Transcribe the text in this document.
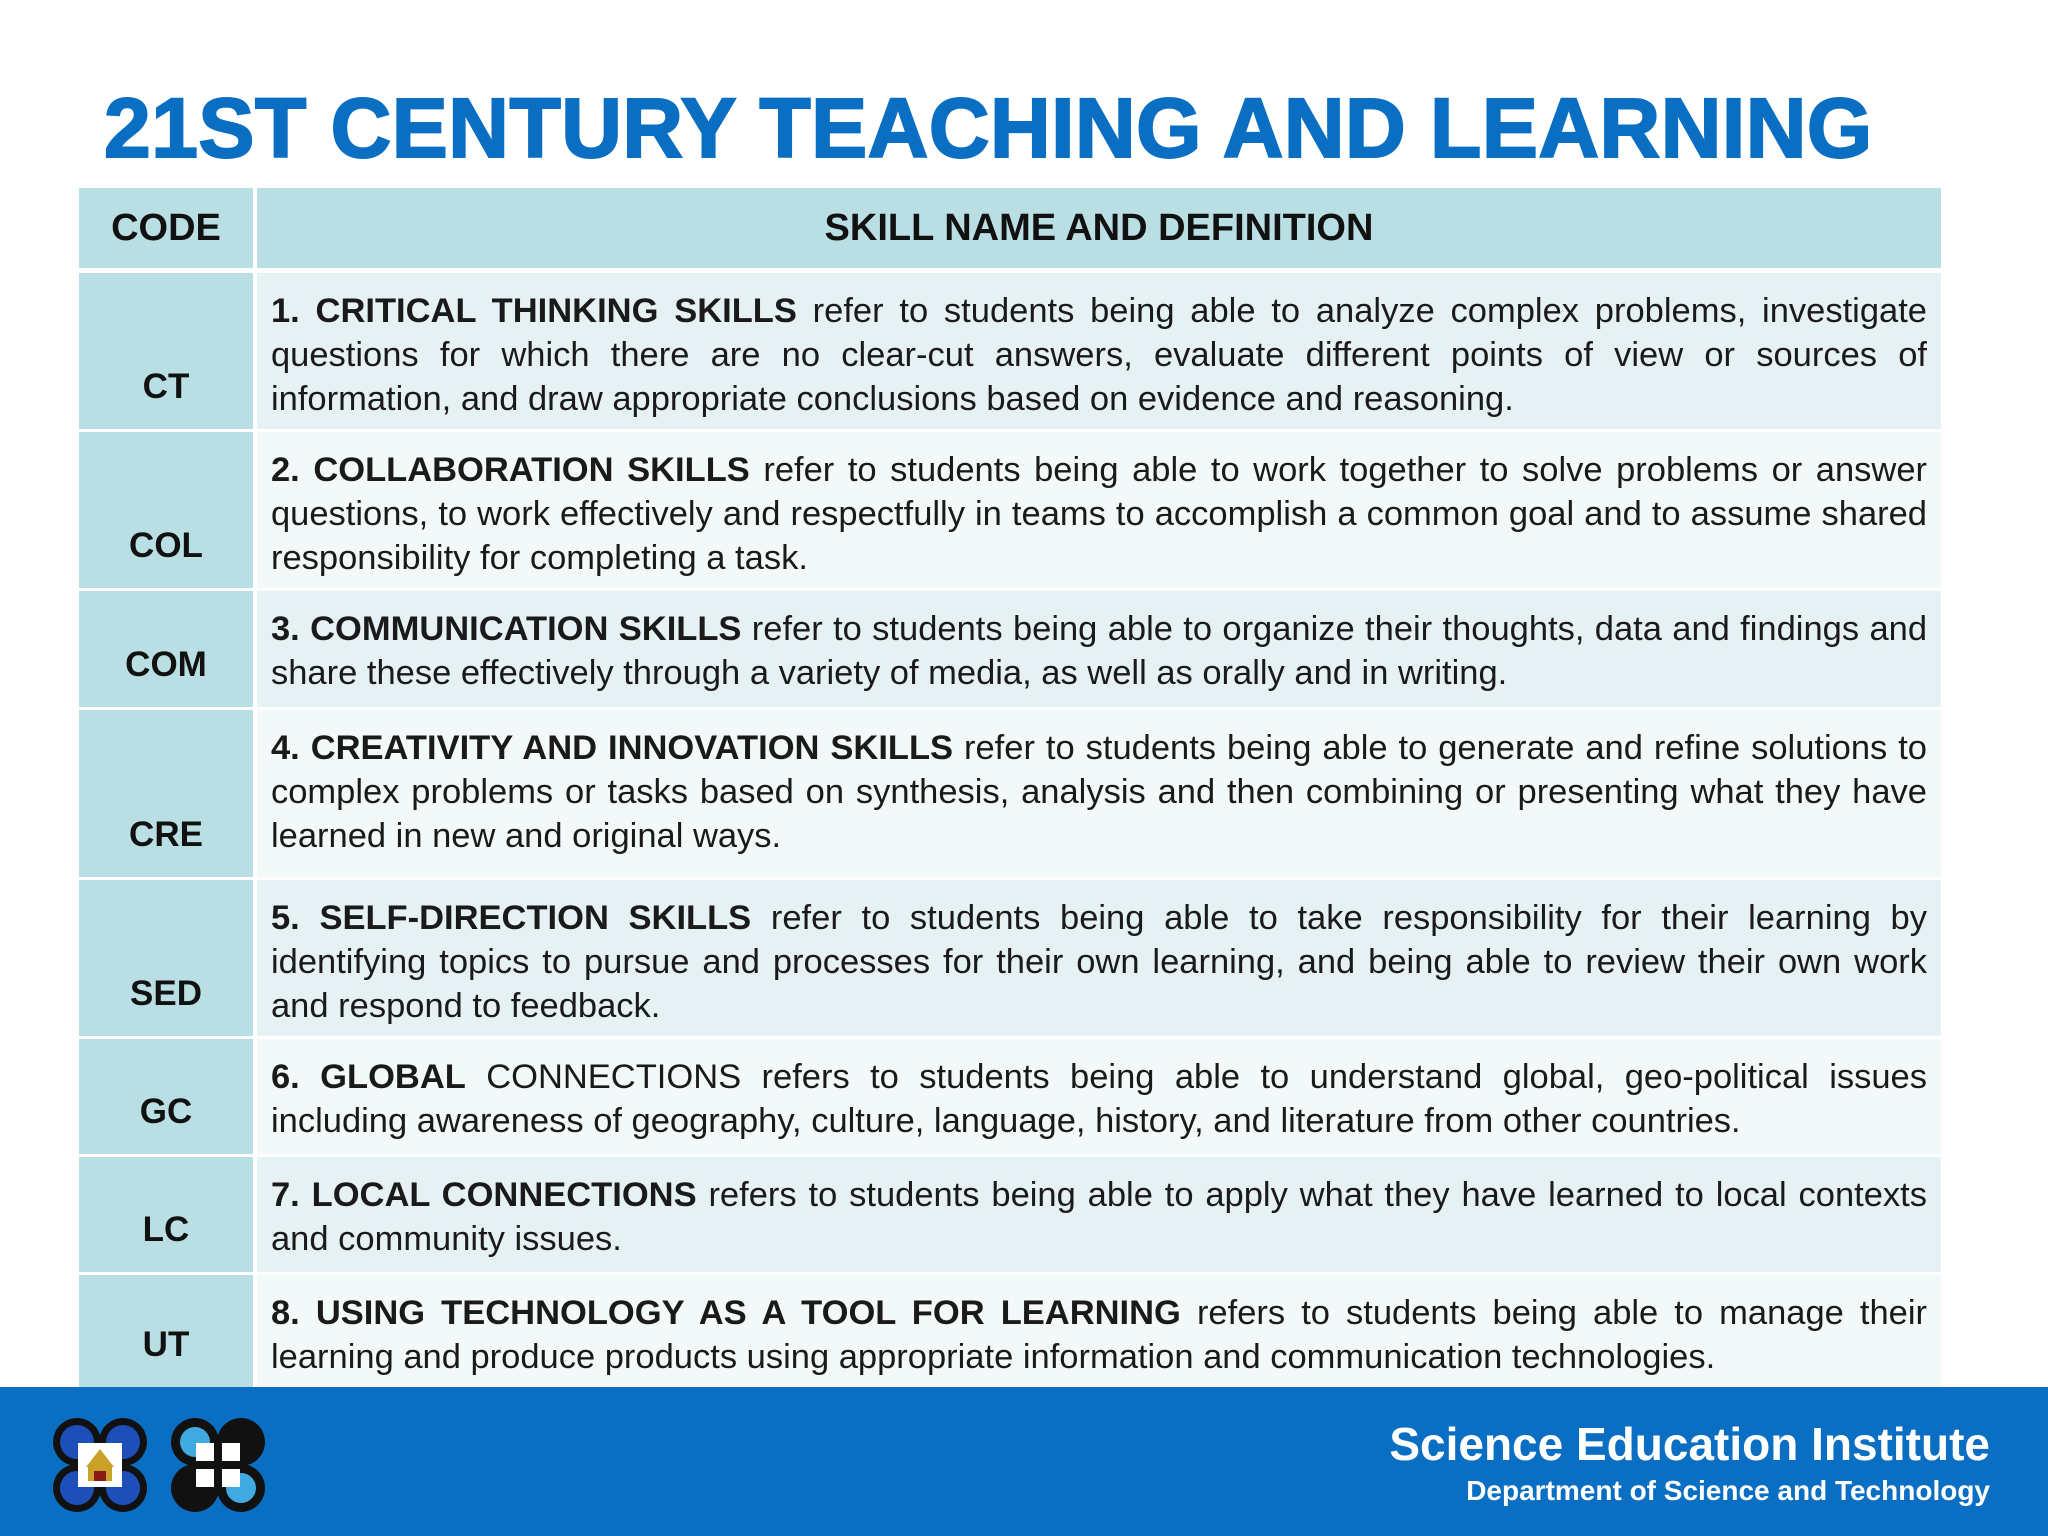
21ST CENTURY TEACHING AND LEARNING
CODE	SKILL NAME AND DEFINITION
CT	1. CRITICAL THINKING SKILLS refer to students being able to analyze complex problems, investigate questions for which there are no clear-cut answers, evaluate different points of view or sources of information, and draw appropriate conclusions based on evidence and reasoning.
COL	2. COLLABORATION SKILLS refer to students being able to work together to solve problems or answer questions, to work effectively and respectfully in teams to accomplish a common goal and to assume shared responsibility for completing a task.
COM	3. COMMUNICATION SKILLS refer to students being able to organize their thoughts, data and findings and share these effectively through a variety of media, as well as orally and in writing.
CRE	4. CREATIVITY AND INNOVATION SKILLS refer to students being able to generate and refine solutions to complex problems or tasks based on synthesis, analysis and then combining or presenting what they have learned in new and original ways.
SED	5. SELF-DIRECTION SKILLS refer to students being able to take responsibility for their learning by identifying topics to pursue and processes for their own learning, and being able to review their own work and respond to feedback.
GC	6. GLOBAL CONNECTIONS refers to students being able to understand global, geo-political issues including awareness of geography, culture, language, history, and literature from other countries.
LC	7. LOCAL CONNECTIONS refers to students being able to apply what they have learned to local contexts and community issues.
UT	8. USING TECHNOLOGY AS A TOOL FOR LEARNING refers to students being able to manage their learning and produce products using appropriate information and communication technologies.
Science Education Institute
Department of Science and Technology
